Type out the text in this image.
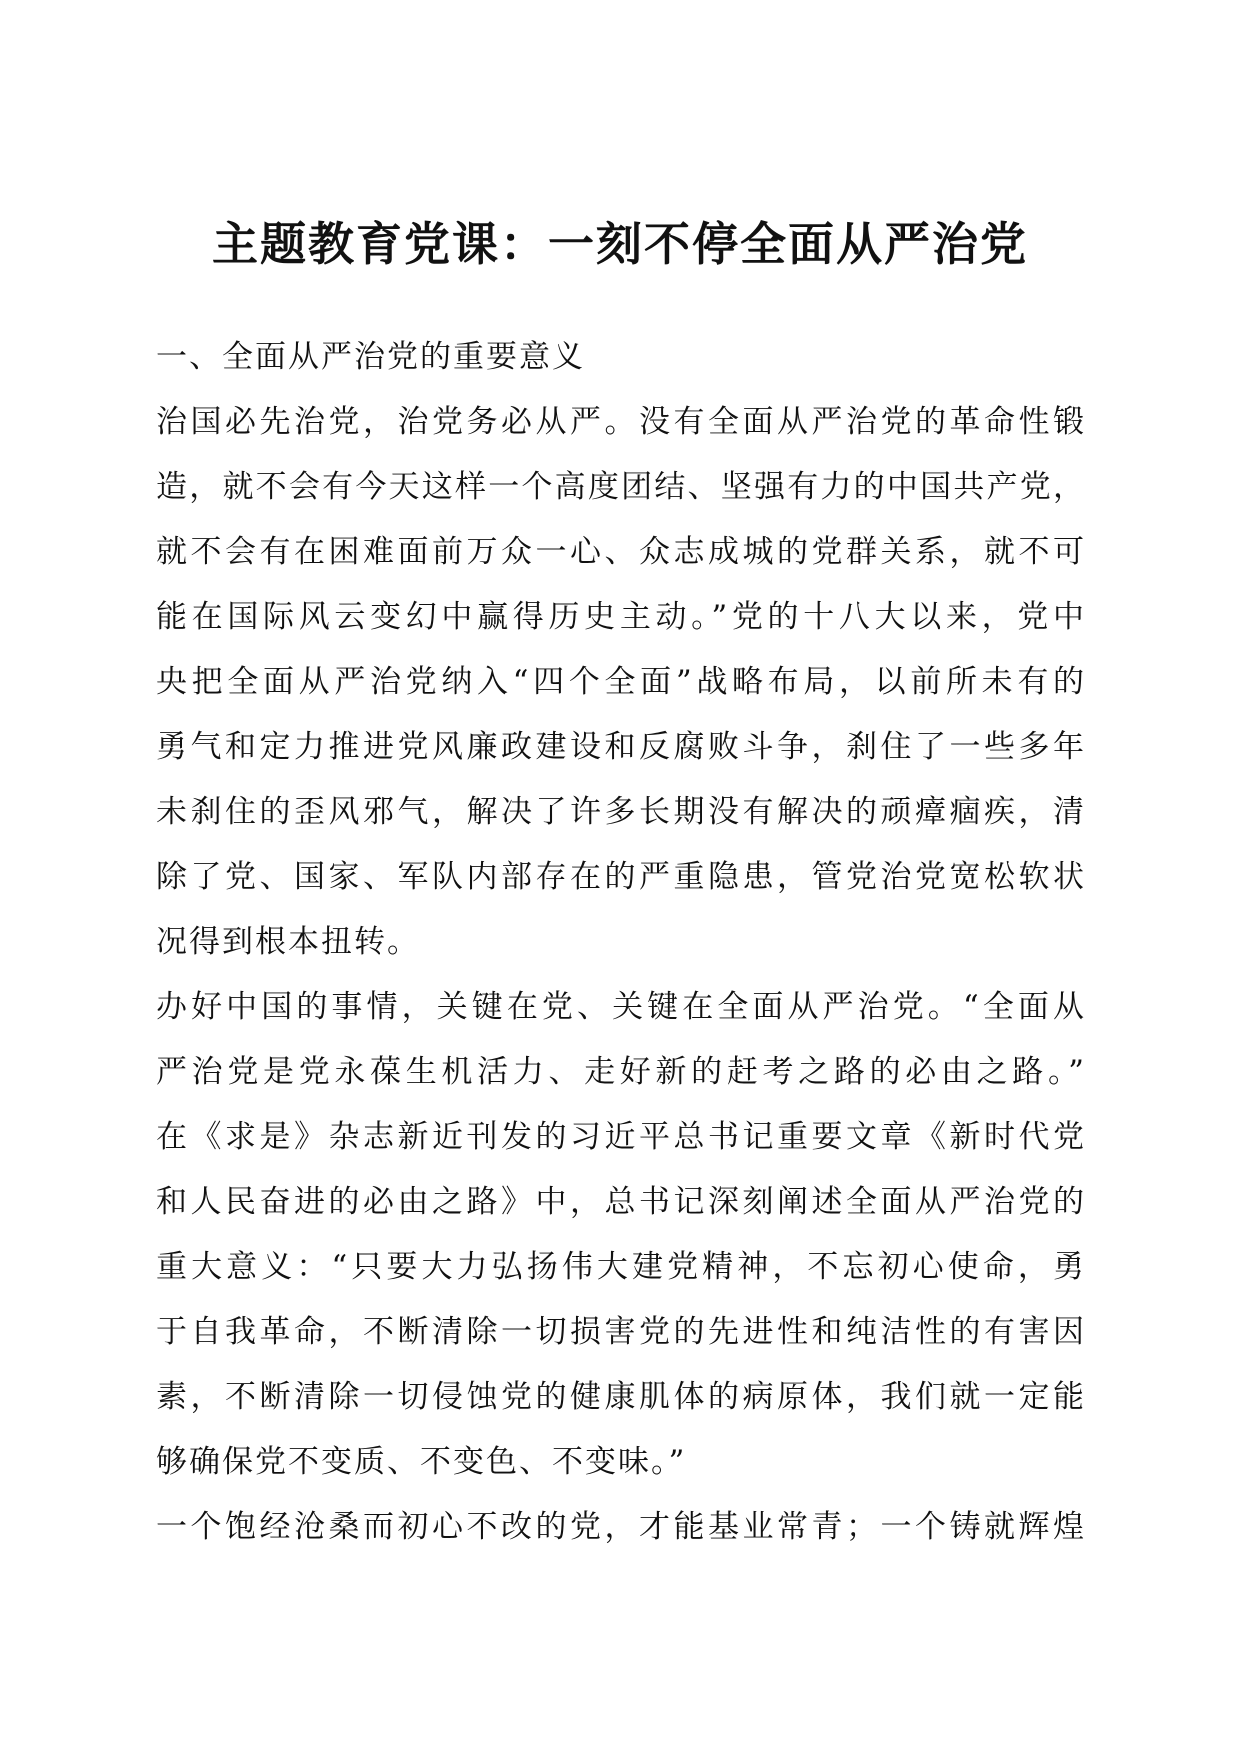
主题教育党课：一刻不停全面从严治党
一、全面从严治党的重要意义
治国必先治党，治党务必从严。没有全面从严治党的革命性锻
造，就不会有今天这样一个高度团结、坚强有力的中国共产党，
就不会有在困难面前万众一心、众志成城的党群关系，就不可
能在国际风云变幻中赢得历史主动。”党的十八大以来，党中
央把全面从严治党纳入“四个全面”战略布局，以前所未有的
勇气和定力推进党风廉政建设和反腐败斗争，刹住了一些多年
未刹住的歪风邪气，解决了许多长期没有解决的顽瘴痼疾，清
除了党、国家、军队内部存在的严重隐患，管党治党宽松软状
况得到根本扭转。
办好中国的事情，关键在党、关键在全面从严治党。“全面从
严治党是党永葆生机活力、走好新的赶考之路的必由之路。”
在《求是》杂志新近刊发的习近平总书记重要文章《新时代党
和人民奋进的必由之路》中，总书记深刻阐述全面从严治党的
重大意义：“只要大力弘扬伟大建党精神，不忘初心使命，勇
于自我革命，不断清除一切损害党的先进性和纯洁性的有害因
素，不断清除一切侵蚀党的健康肌体的病原体，我们就一定能
够确保党不变质、不变色、不变味。”
一个饱经沧桑而初心不改的党，才能基业常青；一个铸就辉煌
